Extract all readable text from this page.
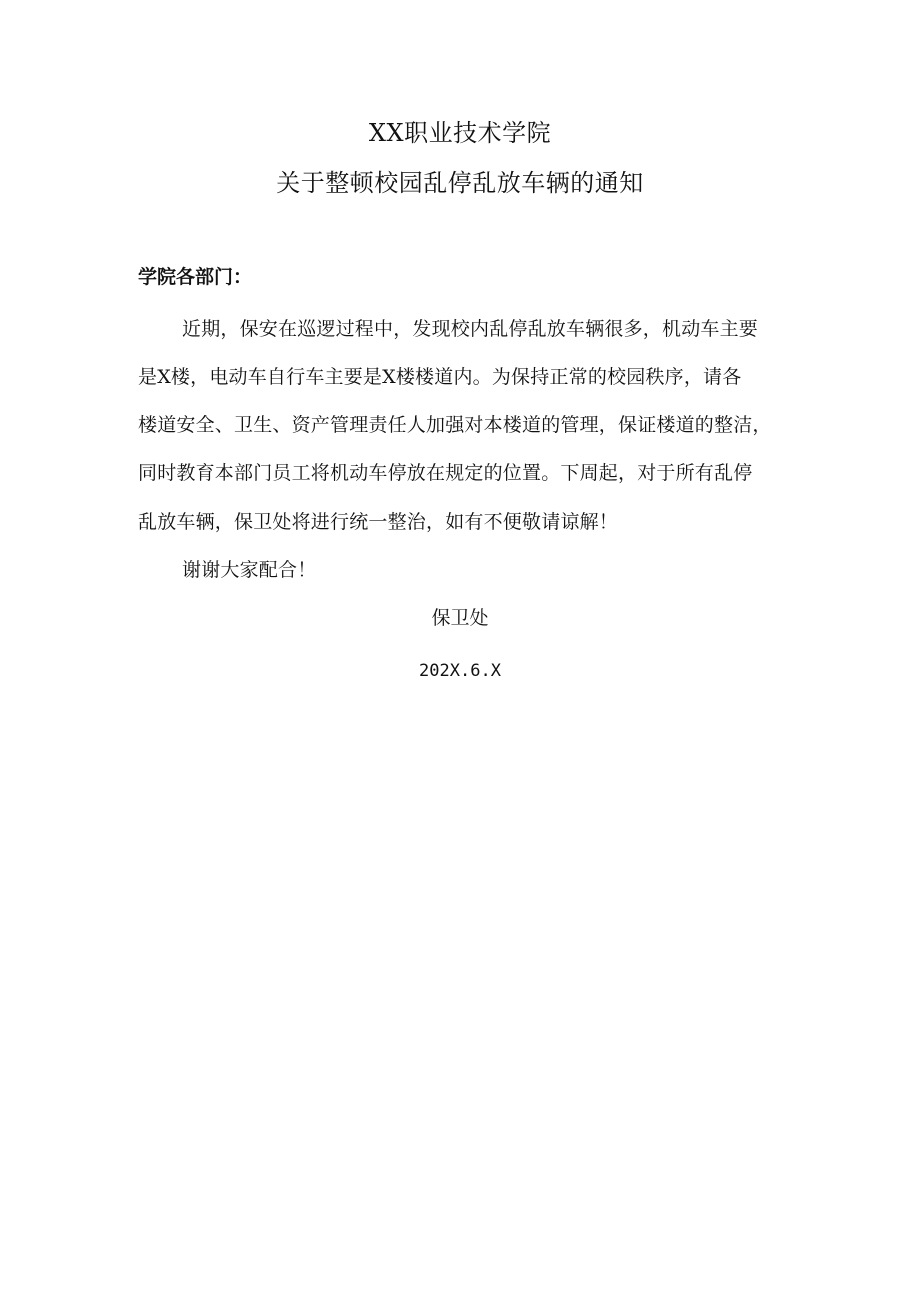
XX职业技术学院
关于整顿校园乱停乱放车辆的通知
学院各部门：
近期，保安在巡逻过程中，发现校内乱停乱放车辆很多，机动车主要
是X楼，电动车自行车主要是X楼楼道内。为保持正常的校园秩序，请各
楼道安全、卫生、资产管理责任人加强对本楼道的管理，保证楼道的整洁，
同时教育本部门员工将机动车停放在规定的位置。下周起，对于所有乱停
乱放车辆，保卫处将进行统一整治，如有不便敬请谅解！
谢谢大家配合！
保卫处
202X.6.X
